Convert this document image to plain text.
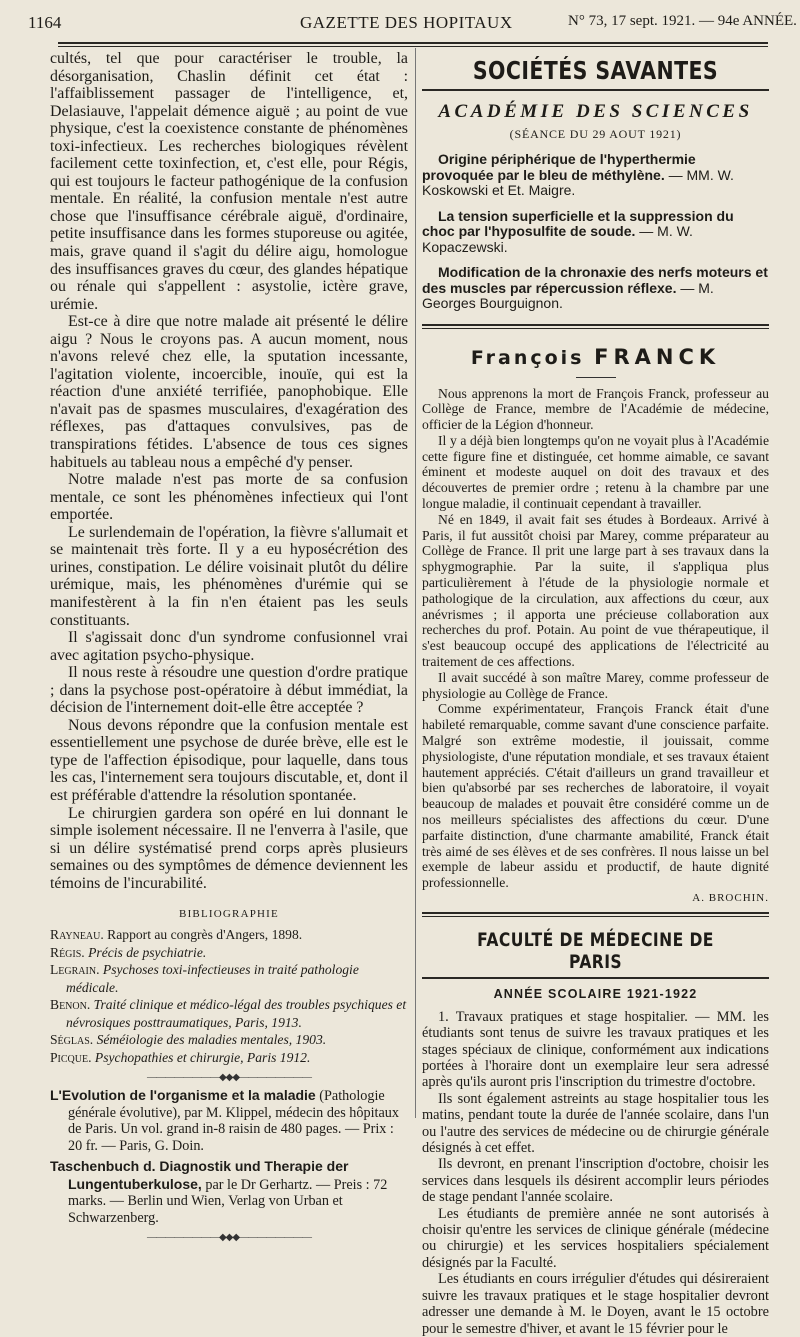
1164	GAZETTE DES HOPITAUX	N° 73, 17 sept. 1921. — 94e ANNÉE.

cultés, tel que pour caractériser le trouble, la désorganisation, Chaslin définit cet état : l'affaiblissement passager de l'intelligence, et, Delasiauve, l'appelait démence aiguë ; au point de vue physique, c'est la coexistence constante de phénomènes toxi-infectieux. Les recherches biologiques révèlent facilement cette toxinfection, et, c'est elle, pour Régis, qui est toujours le facteur pathogénique de la confusion mentale. En réalité, la confusion mentale n'est autre chose que l'insuffisance cérébrale aiguë, d'ordinaire, petite insuffisance dans les formes stuporeuse ou agitée, mais, grave quand il s'agit du délire aigu, homologue des insuffisances graves du cœur, des glandes hépatique ou rénale qui s'appellent : asystolie, ictère grave, urémie.

Est-ce à dire que notre malade ait présenté le délire aigu ? Nous le croyons pas. A aucun moment, nous n'avons relevé chez elle, la sputation incessante, l'agitation violente, incoercible, inouïe, qui est la réaction d'une anxiété terrifiée, panophobique. Elle n'avait pas de spasmes musculaires, d'exagération des réflexes, pas d'attaques convulsives, pas de transpirations fétides. L'absence de tous ces signes habituels au tableau nous a empêché d'y penser.

Notre malade n'est pas morte de sa confusion mentale, ce sont les phénomènes infectieux qui l'ont emportée.

Le surlendemain de l'opération, la fièvre s'allumait et se maintenait très forte. Il y a eu hyposécrétion des urines, constipation. Le délire voisinait plutôt du délire urémique, mais, les phénomènes d'urémie qui se manifestèrent à la fin n'en étaient pas les seuls constituants.

Il s'agissait donc d'un syndrome confusionnel vrai avec agitation psycho-physique.

Il nous reste à résoudre une question d'ordre pratique ; dans la psychose post-opératoire à début immédiat, la décision de l'internement doit-elle être acceptée ?

Nous devons répondre que la confusion mentale est essentiellement une psychose de durée brève, elle est le type de l'affection épisodique, pour laquelle, dans tous les cas, l'internement sera toujours discutable, et, dont il est préférable d'attendre la résolution spontanée.

Le chirurgien gardera son opéré en lui donnant le simple isolement nécessaire. Il ne l'enverra à l'asile, que si un délire systématisé prend corps après plusieurs semaines ou des symptômes de démence deviennent les témoins de l'incurabilité.

BIBLIOGRAPHIE

Rayneau. Rapport au congrès d'Angers, 1898.

Régis. Précis de psychiatrie.

Legrain. Psychoses toxi-infectieuses in traité pathologie médicale.

Benon. Traité clinique et médico-légal des troubles psychiques et névrosiques posttraumatiques, Paris, 1913.

Séglas. Séméiologie des maladies mentales, 1903.

Picque. Psychopathies et chirurgie, Paris 1912.

————————◆◆◆————————

L'Evolution de l'organisme et la maladie (Pathologie générale évolutive), par M. Klippel, médecin des hôpitaux de Paris. Un vol. grand in-8 raisin de 480 pages. — Prix : 20 fr. — Paris, G. Doin.

Taschenbuch d. Diagnostik und Therapie der Lungentuberkulose, par le Dr Gerhartz. — Preis : 72 marks. — Berlin und Wien, Verlag von Urban et Schwarzenberg.

————————◆◆◆————————
SOCIÉTÉS SAVANTES
ACADÉMIE DES SCIENCES
(SÉANCE DU 29 AOUT 1921)

Origine périphérique de l'hyperthermie provoquée par le bleu de méthylène. — MM. W. Koskowski et Et. Maigre.

La tension superficielle et la suppression du choc par l'hyposulfite de soude. — M. W. Kopaczewski.

Modification de la chronaxie des nerfs moteurs et des muscles par répercussion réflexe. — M. Georges Bourguignon.

François FRANCK

Nous apprenons la mort de François Franck, professeur au Collège de France, membre de l'Académie de médecine, officier de la Légion d'honneur.

Il y a déjà bien longtemps qu'on ne voyait plus à l'Académie cette figure fine et distinguée, cet homme aimable, ce savant éminent et modeste auquel on doit des travaux et des découvertes de premier ordre ; retenu à la chambre par une longue maladie, il continuait cependant à travailler.

Né en 1849, il avait fait ses études à Bordeaux. Arrivé à Paris, il fut aussitôt choisi par Marey, comme préparateur au Collège de France. Il prit une large part à ses travaux dans la sphygmographie. Par la suite, il s'appliqua plus particulièrement à l'étude de la physiologie normale et pathologique de la circulation, aux affections du cœur, aux anévrismes ; il apporta une précieuse collaboration aux recherches du prof. Potain. Au point de vue thérapeutique, il s'est beaucoup occupé des applications de l'électricité au traitement de ces affections.

Il avait succédé à son maître Marey, comme professeur de physiologie au Collège de France.

Comme expérimentateur, François Franck était d'une habileté remarquable, comme savant d'une conscience parfaite. Malgré son extrême modestie, il jouissait, comme physiologiste, d'une réputation mondiale, et ses travaux étaient hautement appréciés. C'était d'ailleurs un grand travailleur et bien qu'absorbé par ses recherches de laboratoire, il voyait beaucoup de malades et pouvait être considéré comme un de nos meilleurs spécialistes des affections du cœur. D'une parfaite distinction, d'une charmante amabilité, Franck était très aimé de ses élèves et de ses confrères. Il nous laisse un bel exemple de labeur assidu et productif, de haute dignité professionnelle.

A. BROCHIN.
FACULTÉ DE MÉDECINE DE PARIS
ANNÉE SCOLAIRE 1921-1922

1. Travaux pratiques et stage hospitalier. — MM. les étudiants sont tenus de suivre les travaux pratiques et les stages spéciaux de clinique, conformément aux indications portées à l'horaire dont un exemplaire leur sera adressé après qu'ils auront pris l'inscription du trimestre d'octobre.

Ils sont également astreints au stage hospitalier tous les matins, pendant toute la durée de l'année scolaire, dans l'un ou l'autre des services de médecine ou de chirurgie générale désignés à cet effet.

Ils devront, en prenant l'inscription d'octobre, choisir les services dans lesquels ils désirent accomplir leurs périodes de stage pendant l'année scolaire.

Les étudiants de première année ne sont autorisés à choisir qu'entre les services de clinique générale (médecine ou chirurgie) et les services hospitaliers spécialement désignés par la Faculté.

Les étudiants en cours irrégulier d'études qui désireraient suivre les travaux pratiques et le stage hospitalier devront adresser une demande à M. le Doyen, avant le 15 octobre pour le semestre d'hiver, et avant le 15 février pour le
